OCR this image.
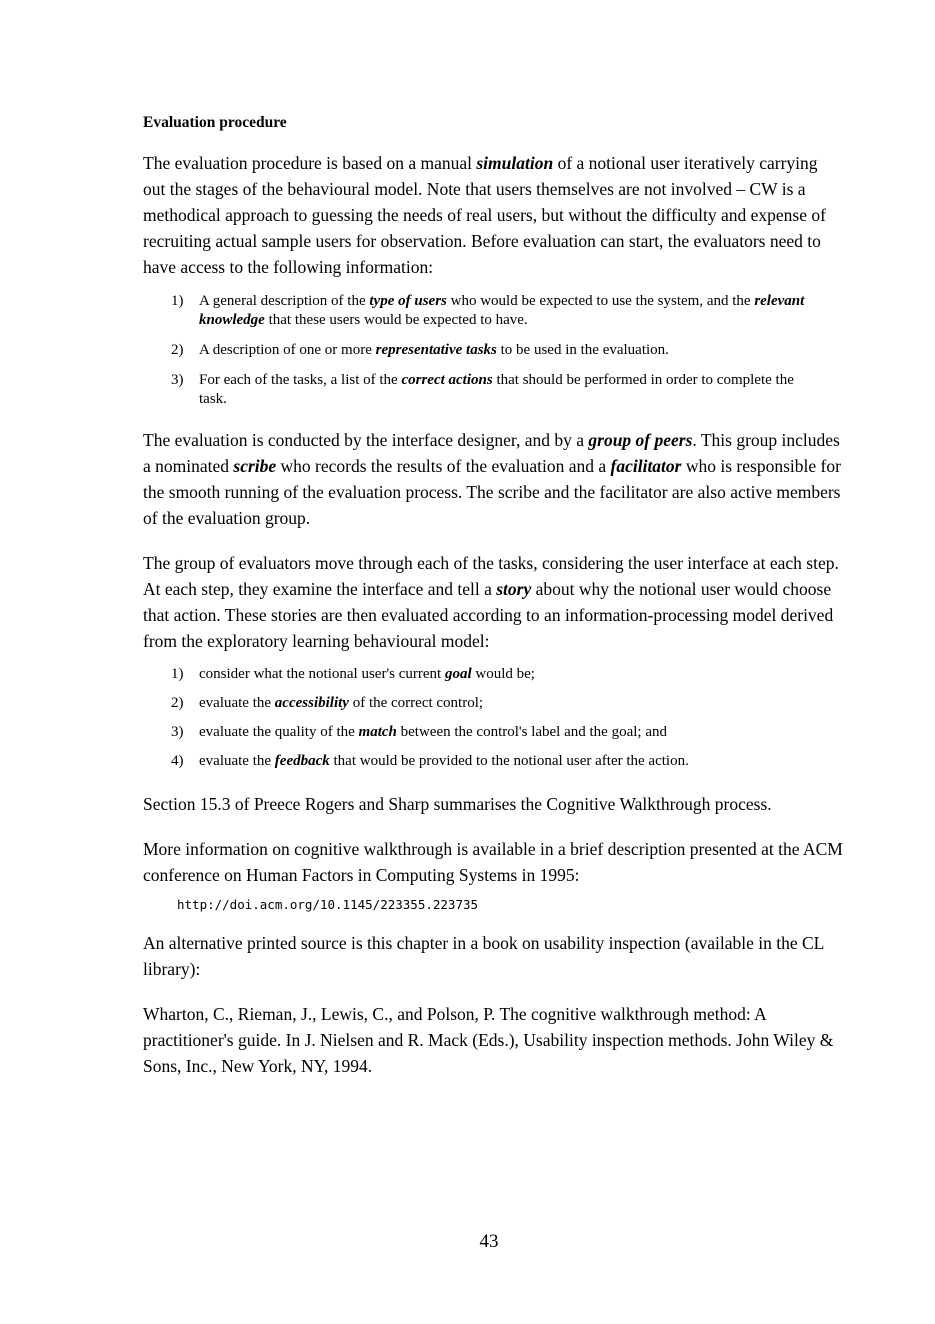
Evaluation procedure

The evaluation procedure is based on a manual simulation of a notional user iteratively carrying out the stages of the behavioural model. Note that users themselves are not involved – CW is a methodical approach to guessing the needs of real users, but without the difficulty and expense of recruiting actual sample users for observation. Before evaluation can start, the evaluators need to have access to the following information:

1) A general description of the type of users who would be expected to use the system, and the relevant knowledge that these users would be expected to have.
2) A description of one or more representative tasks to be used in the evaluation.
3) For each of the tasks, a list of the correct actions that should be performed in order to complete the task.

The evaluation is conducted by the interface designer, and by a group of peers. This group includes a nominated scribe who records the results of the evaluation and a facilitator who is responsible for the smooth running of the evaluation process. The scribe and the facilitator are also active members of the evaluation group.

The group of evaluators move through each of the tasks, considering the user interface at each step. At each step, they examine the interface and tell a story about why the notional user would choose that action. These stories are then evaluated according to an information-processing model derived from the exploratory learning behavioural model:

1) consider what the notional user's current goal would be;
2) evaluate the accessibility of the correct control;
3) evaluate the quality of the match between the control's label and the goal; and
4) evaluate the feedback that would be provided to the notional user after the action.

Section 15.3 of Preece Rogers and Sharp summarises the Cognitive Walkthrough process.

More information on cognitive walkthrough is available in a brief description presented at the ACM conference on Human Factors in Computing Systems in 1995:

http://doi.acm.org/10.1145/223355.223735

An alternative printed source is this chapter in a book on usability inspection (available in the CL library):

Wharton, C., Rieman, J., Lewis, C., and Polson, P. The cognitive walkthrough method: A practitioner's guide. In J. Nielsen and R. Mack (Eds.), Usability inspection methods. John Wiley & Sons, Inc., New York, NY, 1994.

43
